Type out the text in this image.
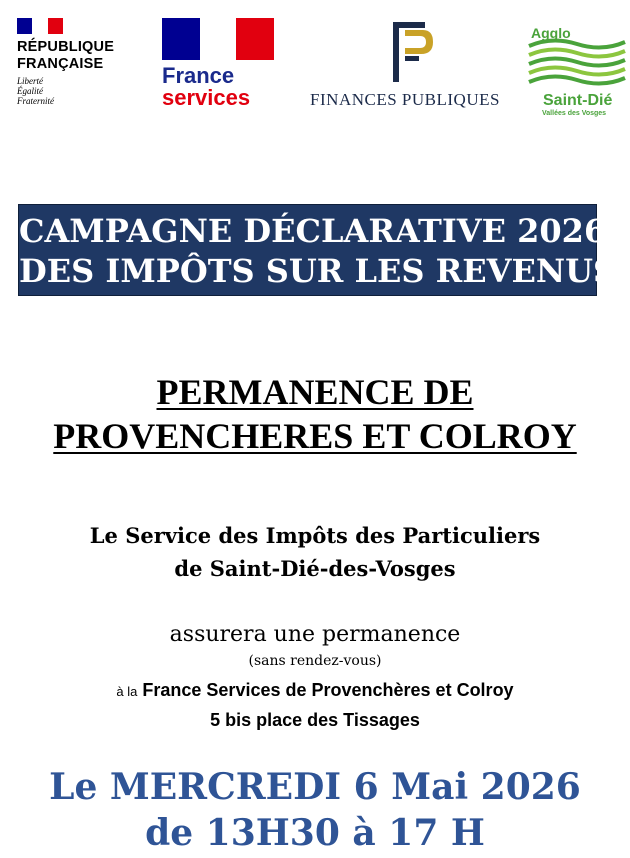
RÉPUBLIQUE
FRANÇAISE
Liberté
Égalité
Fraternité
France
services	FINANCES PUBLIQUES
Agglo
Saint-Dié
Vallées des Vosges
CAMPAGNE DÉCLARATIVE 2026
DES IMPÔTS SUR LES REVENUS
PERMANENCE DE
PROVENCHERES ET COLROY
Le Service des Impôts des Particuliers
de Saint-Dié-des-Vosges
assurera une permanence
(sans rendez-vous)
à la France Services de Provenchères et Colroy
5 bis place des Tissages
Le MERCREDI 6 Mai 2026
de 13H30 à 17 H
